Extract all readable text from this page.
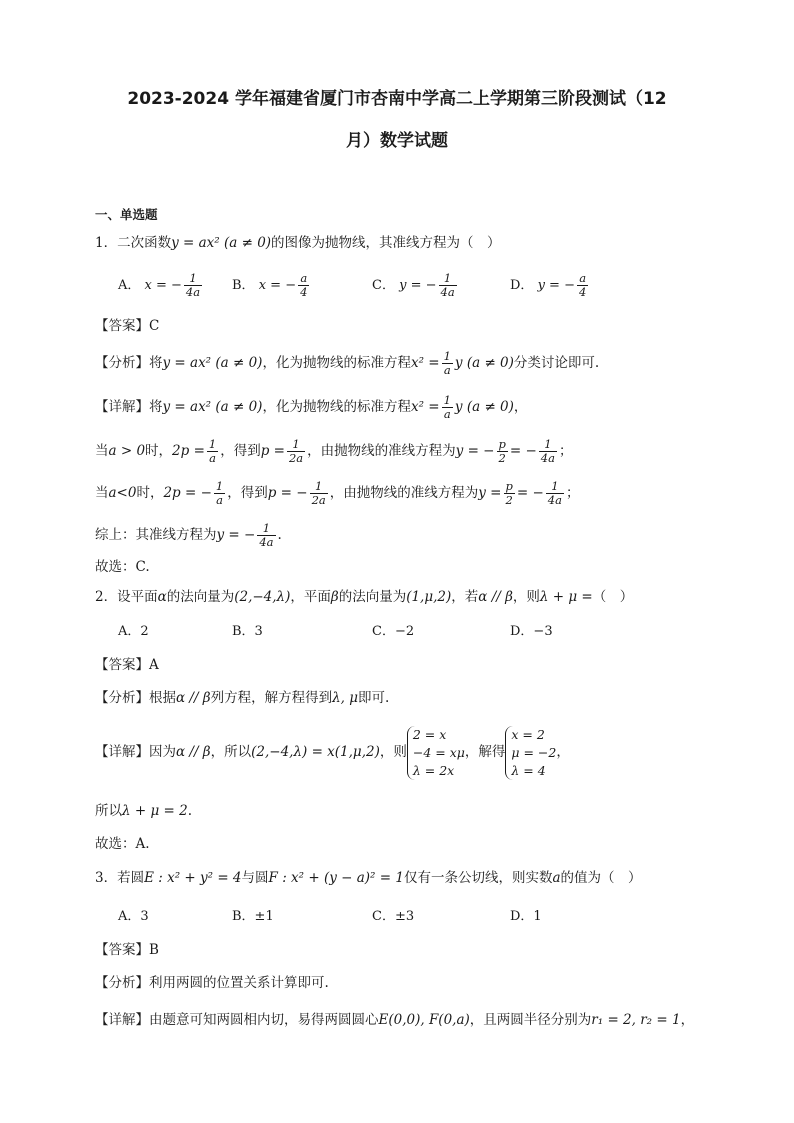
2023-2024 学年福建省厦门市杏南中学高二上学期第三阶段测试（12
月）数学试题
一、单选题
1．二次函数y = ax² (a ≠ 0)的图像为抛物线，其准线方程为（　）
A． x = − $\frac{1}{4a}$ B． x = − $\frac{a}{4}$	C． y = − $\frac{1}{4a}$	D． y = − $\frac{a}{4}$
【答案】C
【分析】将y = ax² (a ≠ 0)，化为抛物线的标准方程$x^2 = \frac{1}{a}$ y (a ≠ 0)分类讨论即可.
【详解】将y = ax² (a ≠ 0)，化为抛物线的标准方程$x^2 = \frac{1}{a}$ y (a ≠ 0)，
当a > 0时，$2p = \frac{1}{a}$ ，得到$p = \frac{1}{2a}$ ，由抛物线的准线方程为y = − $\frac{p}{2}$ = − $\frac{1}{4a}$ ；
当a<0时，2p = − $\frac{1}{a}$ ，得到p = − $\frac{1}{2a}$ ，由抛物线的准线方程为$y = \frac{p}{2}$ = − $\frac{1}{4a}$ ；
综上：其准线方程为y = − $\frac{1}{4a}$ .
故选：C.
2．设平面α的法向量为(2,−4,λ)，平面β的法向量为(1,μ,2)，若α // β，则λ + μ =（　）
A．2	B．3	C．−2	D．−3
【答案】A
【分析】根据α // β列方程，解方程得到λ, μ即可.
【详解】因为α // β，所以(2,−4,λ) = x(1,μ,2)，则
2 = x
−4 = xμ
λ = 2x
，解得
x = 2
μ = −2
λ = 4
，
所以λ + μ = 2.
故选：A.
3．若圆E : x² + y² = 4与圆F : x² + (y − a)² = 1仅有一条公切线，则实数a的值为（　）
A．3	B．±1	C．±3	D．1
【答案】B
【分析】利用两圆的位置关系计算即可.
【详解】由题意可知两圆相内切，易得两圆圆心E(0,0), F(0,a)，且两圆半径分别为r₁ = 2, r₂ = 1，
